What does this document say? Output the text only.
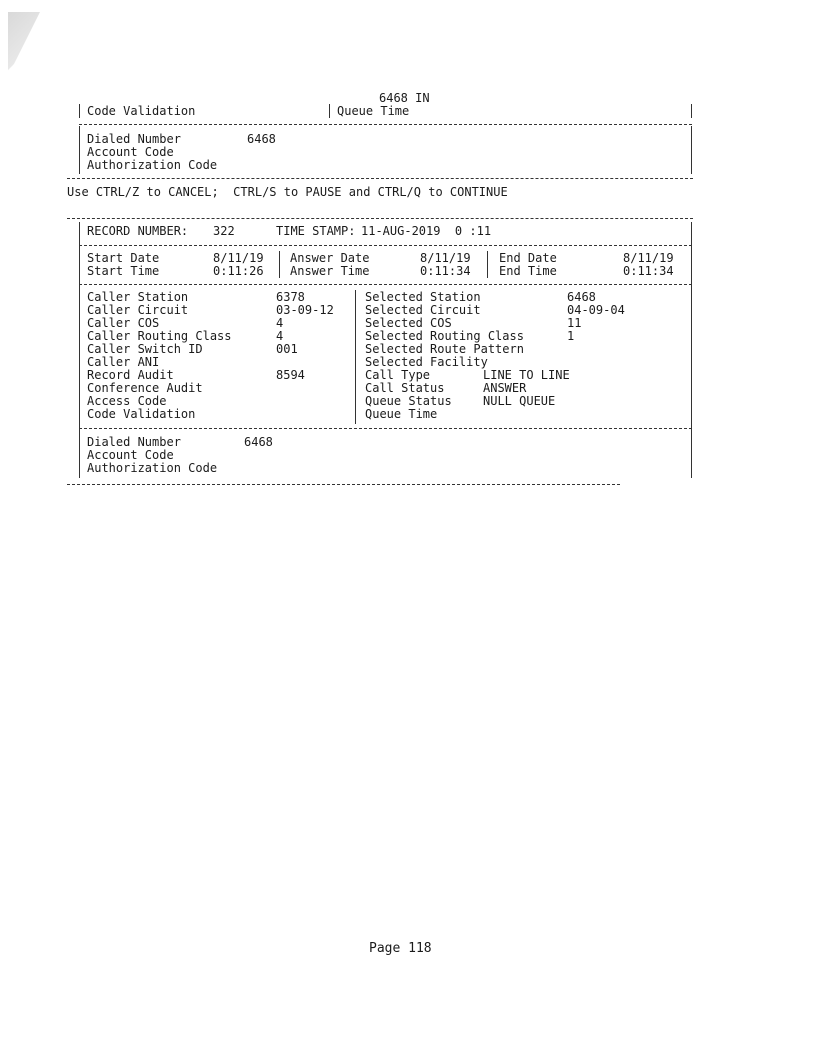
6468 IN
Code Validation	Queue Time
Dialed Number	6468
Account Code
Authorization Code
Use CTRL/Z to CANCEL;  CTRL/S to PAUSE and CTRL/Q to CONTINUE
RECORD NUMBER: 322	TIME STAMP: 11-AUG-2019  0 :11
Start Date	8/11/19 Answer Date	8/11/19 End Date	8/11/19
Start Time	0:11:26 Answer Time	0:11:34 End Time	0:11:34
Caller Station	6378	Selected Station	6468
Caller Circuit	03-09-12	Selected Circuit	04-09-04
Caller COS	4	Selected COS	11
Caller Routing Class	4	Selected Routing Class	1
Caller Switch ID	001	Selected Route Pattern
Caller ANI	Selected Facility
Record Audit	8594	Call Type	LINE TO LINE
Conference Audit	Call Status	ANSWER
Access Code	Queue Status	NULL QUEUE
Code Validation	Queue Time
Dialed Number	6468
Account Code
Authorization Code
Page 118
